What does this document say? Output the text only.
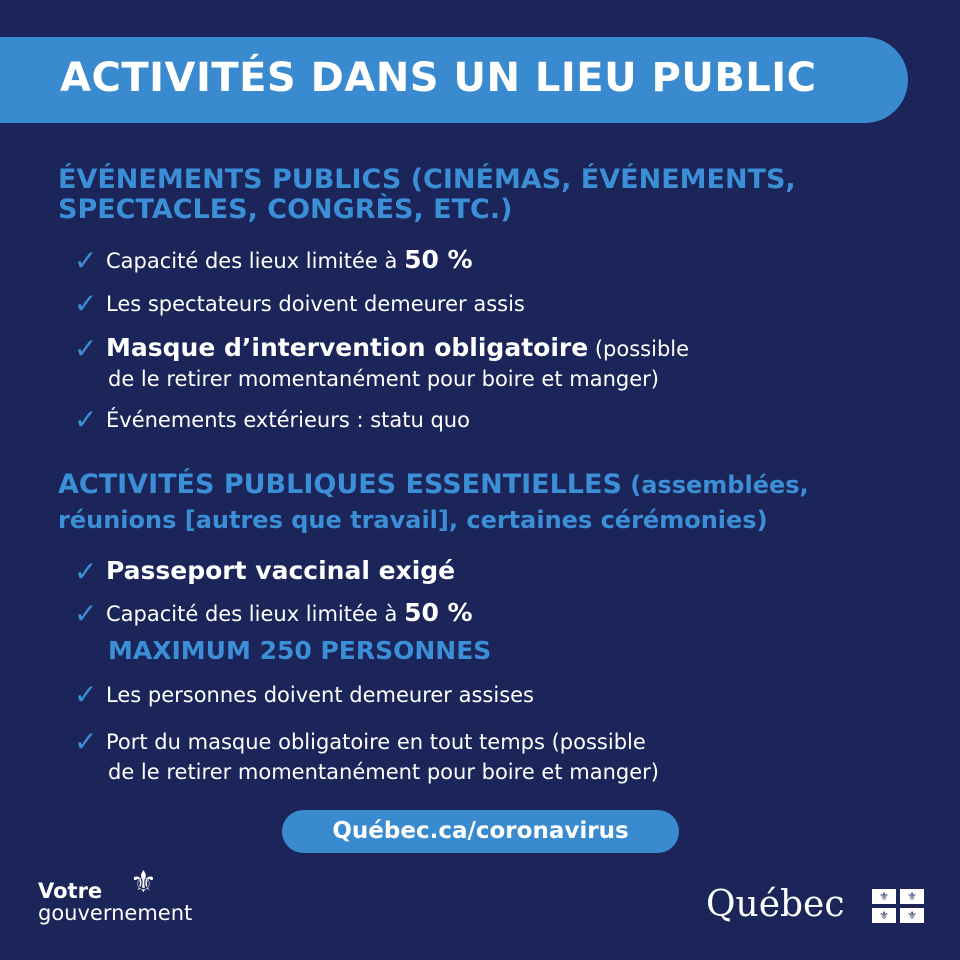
ACTIVITÉS DANS UN LIEU PUBLIC
ÉVÉNEMENTS PUBLICS (CINÉMAS, ÉVÉNEMENTS,
SPECTACLES, CONGRÈS, ETC.)
✓ Capacité des lieux limitée à 50 %
✓ Les spectateurs doivent demeurer assis
✓ Masque d’intervention obligatoire (possible
de le retirer momentanément pour boire et manger)
✓ Événements extérieurs : statu quo
ACTIVITÉS PUBLIQUES ESSENTIELLES (assemblées,
réunions [autres que travail], certaines cérémonies)
✓ Passeport vaccinal exigé
✓ Capacité des lieux limitée à 50 %
MAXIMUM 250 PERSONNES
✓ Les personnes doivent demeurer assises
✓ Port du masque obligatoire en tout temps (possible
de le retirer momentanément pour boire et manger)
Québec.ca/coronavirus
Votre
gouvernement
⚜
Québec	⚜	⚜
⚜	⚜
